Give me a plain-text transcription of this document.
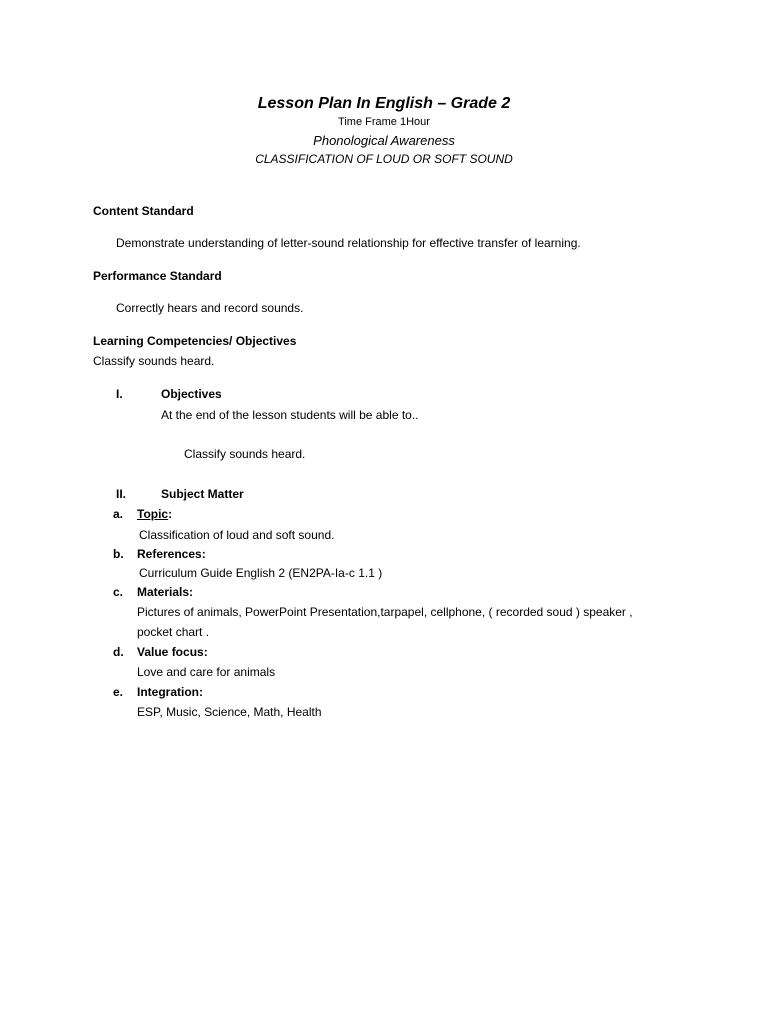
Lesson Plan In English – Grade 2
Time Frame 1Hour
Phonological Awareness
CLASSIFICATION OF LOUD OR SOFT SOUND
Content Standard
Demonstrate understanding of letter-sound relationship for effective transfer of learning.
Performance Standard
Correctly hears and record sounds.
Learning Competencies/ Objectives
Classify sounds heard.
I.	Objectives
At the end of the lesson students will be able to..
Classify sounds heard.
II.	Subject Matter
a. Topic:
Classification of loud and soft sound.
b. References:
Curriculum Guide English 2 (EN2PA-Ia-c 1.1 )
c. Materials:
Pictures of animals, PowerPoint Presentation,tarpapel, cellphone, ( recorded soud ) speaker ,
pocket chart .
d. Value focus:
Love and care for animals
e. Integration:
ESP, Music, Science, Math, Health
